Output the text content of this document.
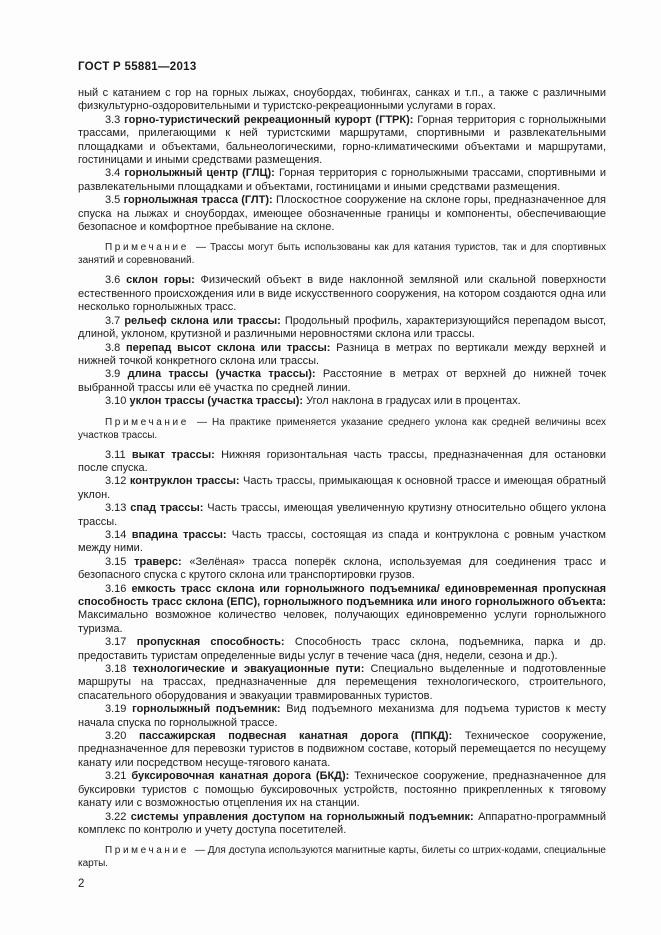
ГОСТ Р 55881—2013

ный с катанием с гор на горных лыжах, сноубордах, тюбингах, санках и т.п., а также с различными физкультурно-оздоровительными и туристско-рекреационными услугами в горах.

3.3 горно-туристический рекреационный курорт (ГТРК): Горная территория с горнолыжными трассами, прилегающими к ней туристскими маршрутами, спортивными и развлекательными площадками и объектами, бальнеологическими, горно-климатическими объектами и маршрутами, гостиницами и иными средствами размещения.

3.4 горнолыжный центр (ГЛЦ): Горная территория с горнолыжными трассами, спортивными и развлекательными площадками и объектами, гостиницами и иными средствами размещения.

3.5 горнолыжная трасса (ГЛТ): Плоскостное сооружение на склоне горы, предназначенное для спуска на лыжах и сноубордах, имеющее обозначенные границы и компоненты, обеспечивающие безопасное и комфортное пребывание на склоне.

Примечание — Трассы могут быть использованы как для катания туристов, так и для спортивных занятий и соревнований.

3.6 склон горы: Физический объект в виде наклонной земляной или скальной поверхности естественного происхождения или в виде искусственного сооружения, на котором создаются одна или несколько горнолыжных трасс.

3.7 рельеф склона или трассы: Продольный профиль, характеризующийся перепадом высот, длиной, уклоном, крутизной и различными неровностями склона или трассы.

3.8 перепад высот склона или трассы: Разница в метрах по вертикали между верхней и нижней точкой конкретного склона или трассы.

3.9 длина трассы (участка трассы): Расстояние в метрах от верхней до нижней точек выбранной трассы или её участка по средней линии.

3.10 уклон трассы (участка трассы): Угол наклона в градусах или в процентах.

Примечание — На практике применяется указание среднего уклона как средней величины всех участков трассы.

3.11 выкат трассы: Нижняя горизонтальная часть трассы, предназначенная для остановки после спуска.

3.12 контруклон трассы: Часть трассы, примыкающая к основной трассе и имеющая обратный уклон.

3.13 спад трассы: Часть трассы, имеющая увеличенную крутизну относительно общего уклона трассы.

3.14 впадина трассы: Часть трассы, состоящая из спада и контруклона с ровным участком между ними.

3.15 траверс: «Зелёная» трасса поперёк склона, используемая для соединения трасс и безопасного спуска с крутого склона или транспортировки грузов.

3.16 емкость трасс склона или горнолыжного подъемника/ единовременная пропускная способность трасс склона (ЕПС), горнолыжного подъемника или иного горнолыжного объекта: Максимально возможное количество человек, получающих единовременно услуги горнолыжного туризма.

3.17 пропускная способность: Способность трасс склона, подъемника, парка и др. предоставить туристам определенные виды услуг в течение часа (дня, недели, сезона и др.).

3.18 технологические и эвакуационные пути: Специально выделенные и подготовленные маршруты на трассах, предназначенные для перемещения технологического, строительного, спасательного оборудования и эвакуации травмированных туристов.

3.19 горнолыжный подъемник: Вид подъемного механизма для подъема туристов к месту начала спуска по горнолыжной трассе.

3.20 пассажирская подвесная канатная дорога (ППКД): Техническое сооружение, предназначенное для перевозки туристов в подвижном составе, который перемещается по несущему канату или посредством несуще-тягового каната.

3.21 буксировочная канатная дорога (БКД): Техническое сооружение, предназначенное для буксировки туристов с помощью буксировочных устройств, постоянно прикрепленных к тяговому канату или с возможностью отцепления их на станции.

3.22 системы управления доступом на горнолыжный подъемник: Аппаратно-программный комплекс по контролю и учету доступа посетителей.

Примечание — Для доступа используются магнитные карты, билеты со штрих-кодами, специальные карты.

2
